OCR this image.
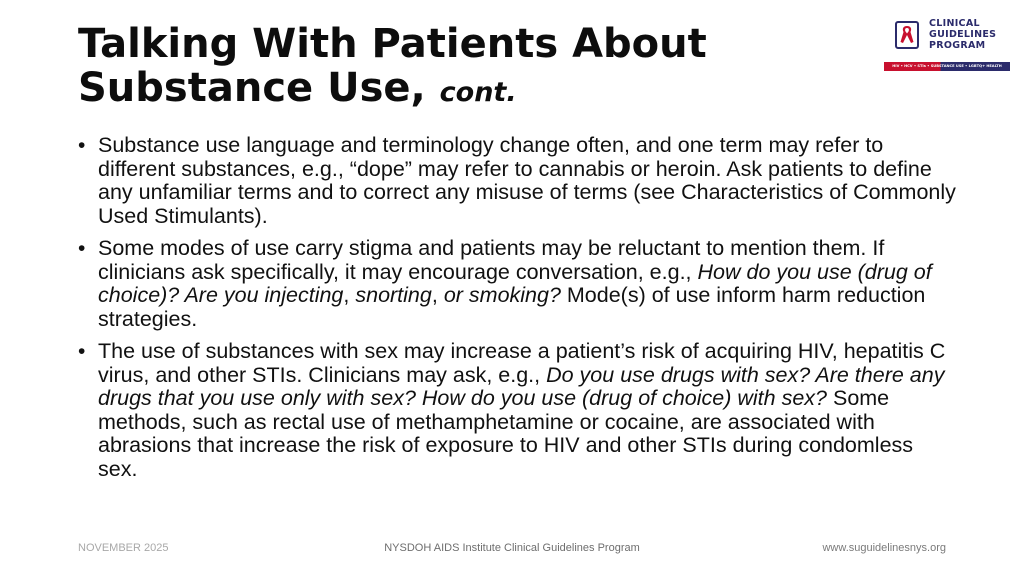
Talking With Patients About
Substance Use, cont.
CLINICAL
GUIDELINES
PROGRAM
HIV • HCV • STIs • SUBSTANCE USE • LGBTQ+ HEALTH
• Substance use language and terminology change often, and one term may refer to different substances, e.g., “dope” may refer to cannabis or heroin. Ask patients to define any unfamiliar terms and to correct any misuse of terms (see Characteristics of Commonly Used Stimulants).
• Some modes of use carry stigma and patients may be reluctant to mention them. If clinicians ask specifically, it may encourage conversation, e.g., How do you use (drug of choice)? Are you injecting, snorting, or smoking? Mode(s) of use inform harm reduction strategies.
• The use of substances with sex may increase a patient’s risk of acquiring HIV, hepatitis C virus, and other STIs. Clinicians may ask, e.g., Do you use drugs with sex? Are there any drugs that you use only with sex? How do you use (drug of choice) with sex? Some methods, such as rectal use of methamphetamine or cocaine, are associated with abrasions that increase the risk of exposure to HIV and other STIs during condomless sex.
NOVEMBER 2025	NYSDOH AIDS Institute Clinical Guidelines Program	www.suguidelinesnys.org
